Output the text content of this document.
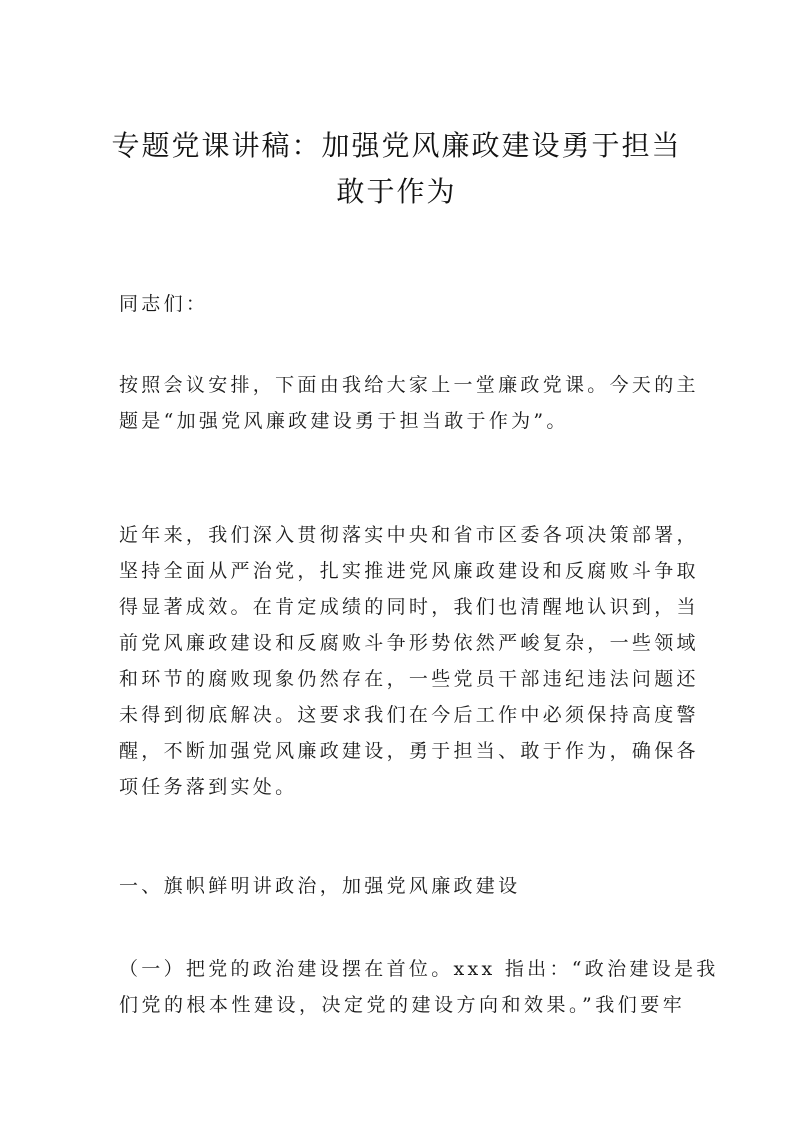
专题党课讲稿：加强党风廉政建设勇于担当
敢于作为
同志们：
按照会议安排，下面由我给大家上一堂廉政党课。今天的主
题是“加强党风廉政建设勇于担当敢于作为”。
近年来，我们深入贯彻落实中央和省市区委各项决策部署，
坚持全面从严治党，扎实推进党风廉政建设和反腐败斗争取
得显著成效。在肯定成绩的同时，我们也清醒地认识到，当
前党风廉政建设和反腐败斗争形势依然严峻复杂，一些领域
和环节的腐败现象仍然存在，一些党员干部违纪违法问题还
未得到彻底解决。这要求我们在今后工作中必须保持高度警
醒，不断加强党风廉政建设，勇于担当、敢于作为，确保各
项任务落到实处。
一、旗帜鲜明讲政治，加强党风廉政建设
（一）把党的政治建设摆在首位。xxx 指出：“政治建设是我
们党的根本性建设，决定党的建设方向和效果。”我们要牢
